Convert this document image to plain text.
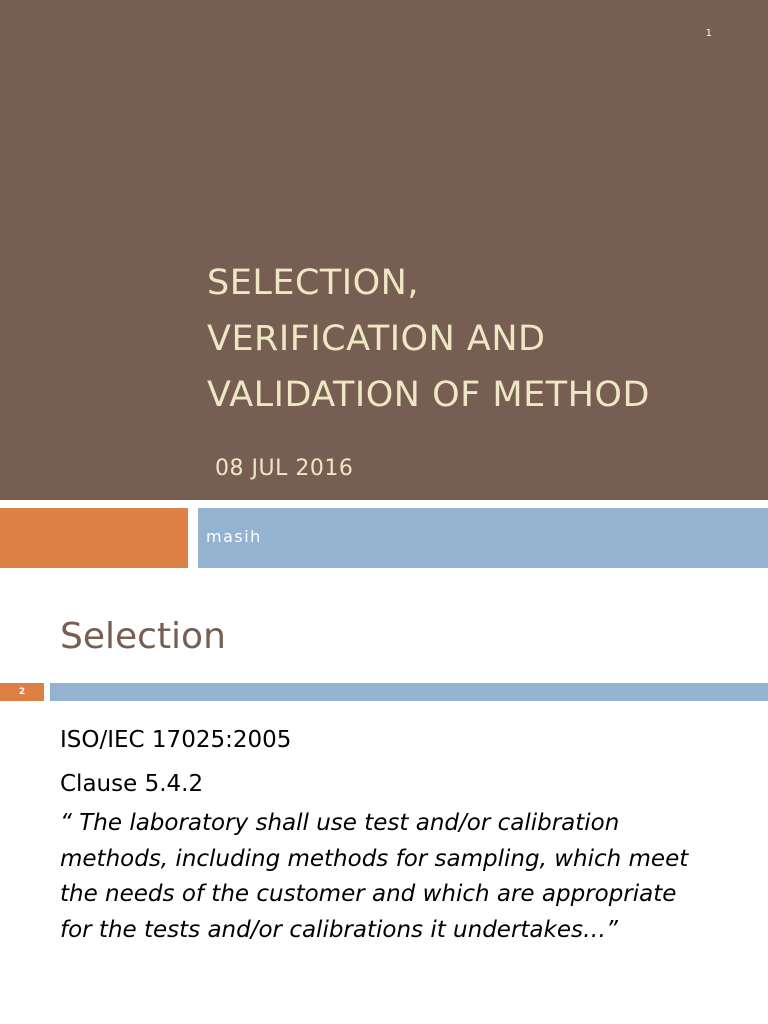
1
SELECTION,
VERIFICATION AND
VALIDATION OF METHOD
08 JUL 2016
masih
Selection
2

ISO/IEC 17025:2005

Clause 5.4.2

“ The laboratory shall use test and/or calibration
methods, including methods for sampling, which meet
the needs of the customer and which are appropriate
for the tests and/or calibrations it undertakes…”
